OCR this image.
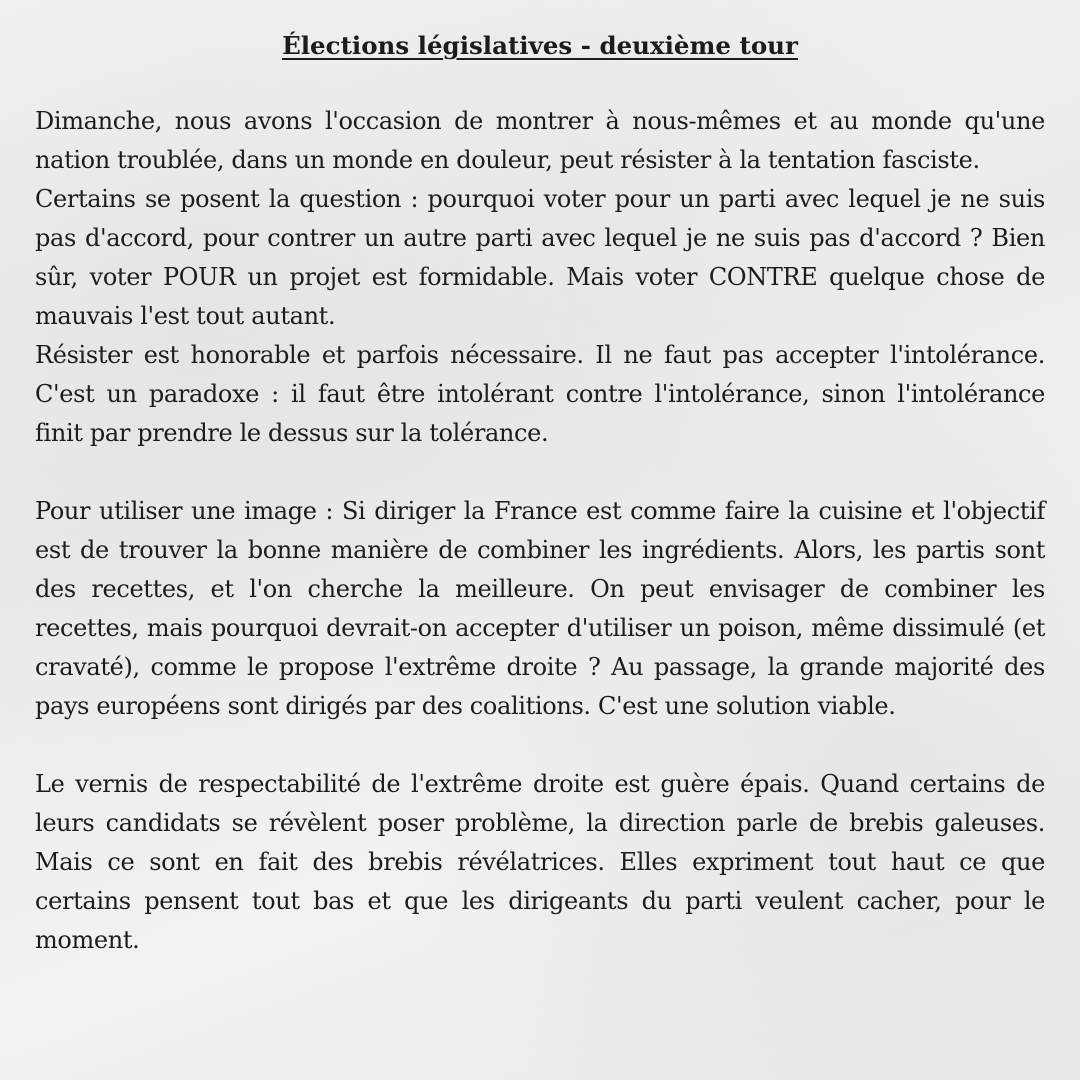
Élections législatives - deuxième tour
Dimanche, nous avons l'occasion de montrer à nous-mêmes et au monde qu'une nation troublée, dans un monde en douleur, peut résister à la tentation fasciste.
Certains se posent la question : pourquoi voter pour un parti avec lequel je ne suis pas d'accord, pour contrer un autre parti avec lequel je ne suis pas d'accord ? Bien sûr, voter POUR un projet est formidable. Mais voter CONTRE quelque chose de mauvais l'est tout autant.
Résister est honorable et parfois nécessaire. Il ne faut pas accepter l'intolérance. C'est un paradoxe : il faut être intolérant contre l'intolérance, sinon l'intolérance finit par prendre le dessus sur la tolérance.
Pour utiliser une image : Si diriger la France est comme faire la cuisine et l'objectif est de trouver la bonne manière de combiner les ingrédients. Alors, les partis sont des recettes, et l'on cherche la meilleure. On peut envisager de combiner les recettes, mais pourquoi devrait-on accepter d'utiliser un poison, même dissimulé (et cravaté), comme le propose l'extrême droite ? Au passage, la grande majorité des pays européens sont dirigés par des coalitions. C'est une solution viable.
Le vernis de respectabilité de l'extrême droite est guère épais. Quand certains de leurs candidats se révèlent poser problème, la direction parle de brebis galeuses. Mais ce sont en fait des brebis révélatrices. Elles expriment tout haut ce que certains pensent tout bas et que les dirigeants du parti veulent cacher, pour le moment.
